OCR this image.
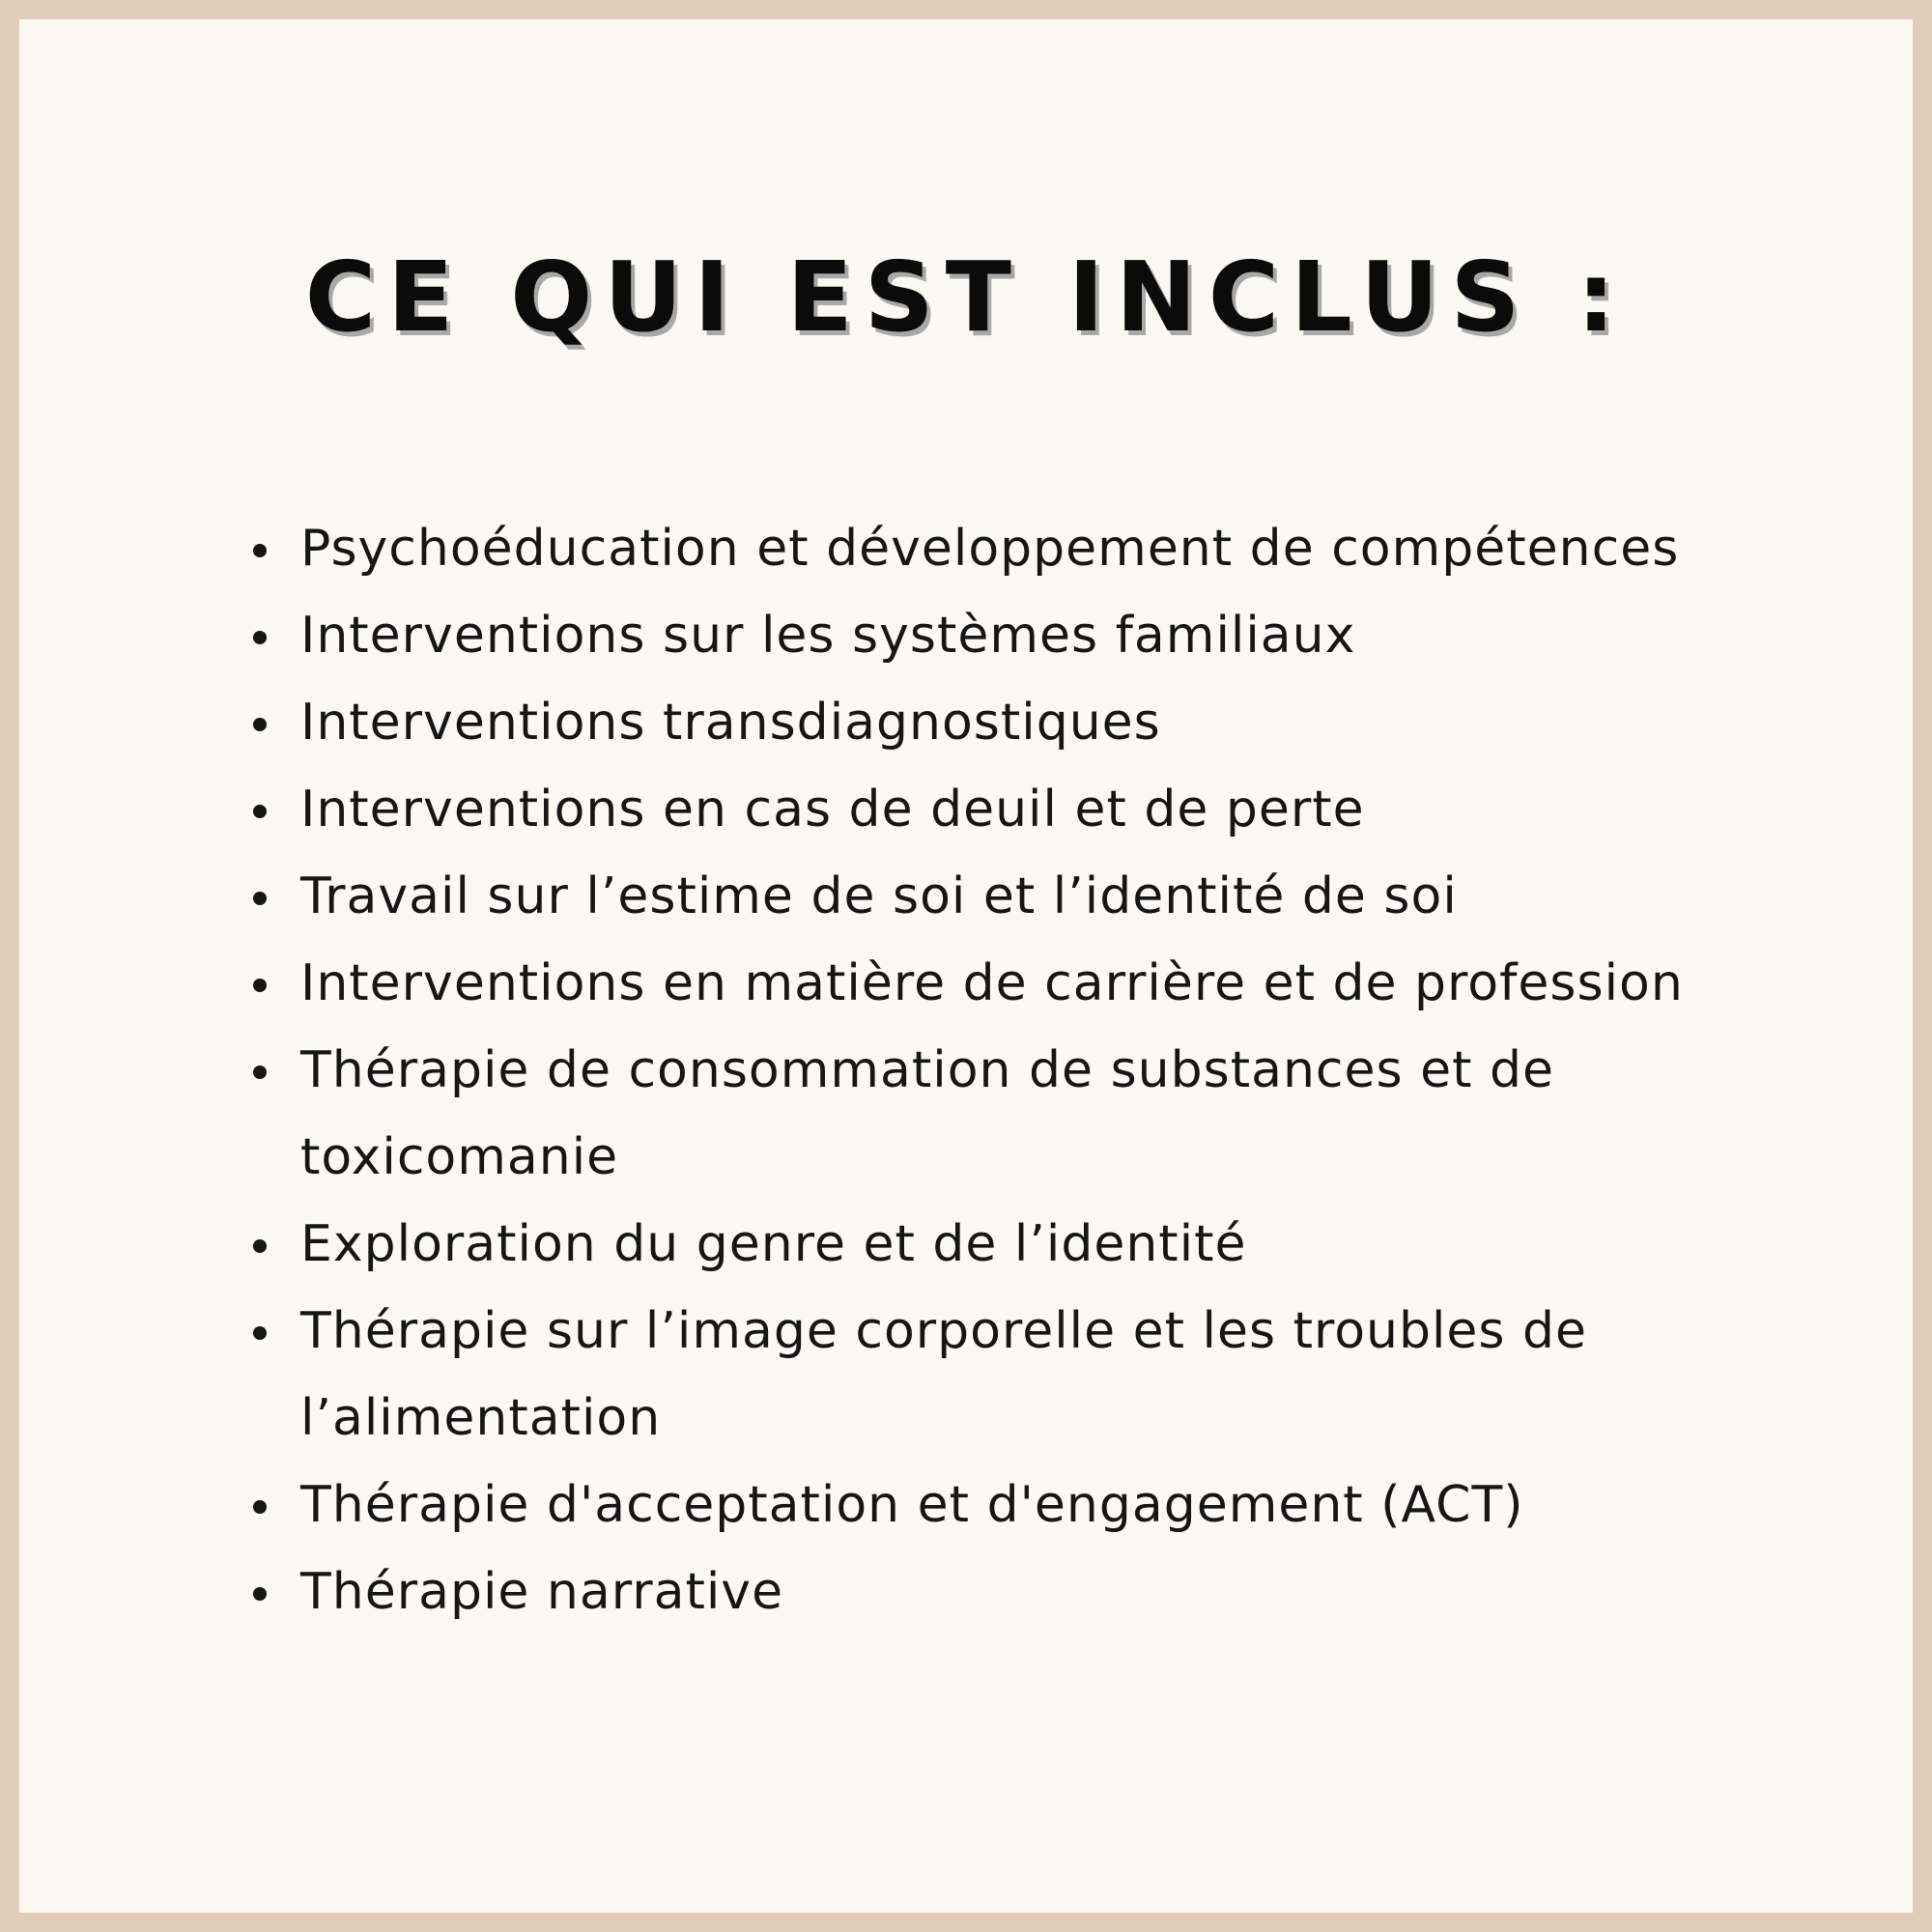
CE QUI EST INCLUS :
Psychoéducation et développement de compétences
Interventions sur les systèmes familiaux
Interventions transdiagnostiques
Interventions en cas de deuil et de perte
Travail sur l’estime de soi et l’identité de soi
Interventions en matière de carrière et de profession
Thérapie de consommation de substances et de toxicomanie
Exploration du genre et de l’identité
Thérapie sur l’image corporelle et les troubles de l’alimentation
Thérapie d'acceptation et d'engagement (ACT)
Thérapie narrative
